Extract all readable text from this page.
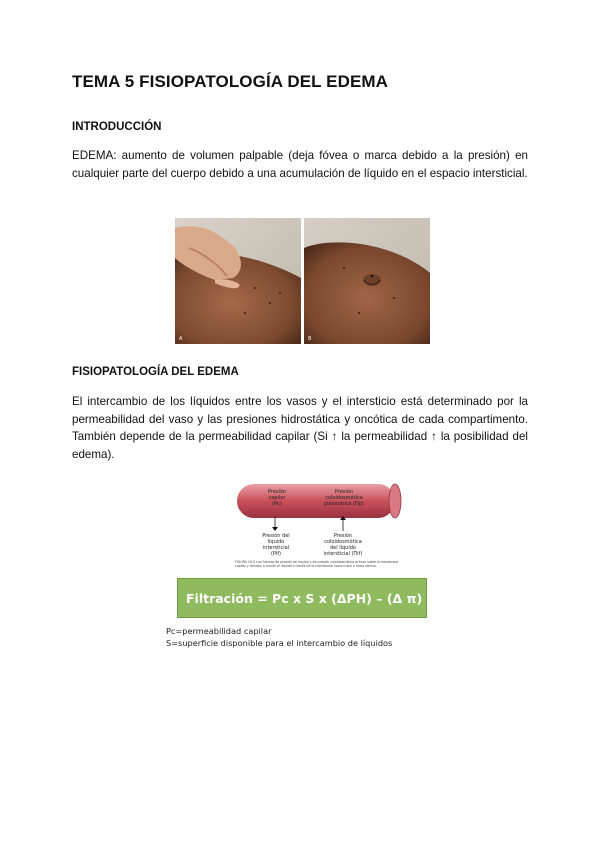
TEMA 5 FISIOPATOLOGÍA DEL EDEMA
INTRODUCCIÓN

EDEMA: aumento de volumen palpable (deja fóvea o marca debido a la presión) en cualquier parte del cuerpo debido a una acumulación de líquido en el espacio intersticial.

A	B
FISIOPATOLOGÍA DEL EDEMA

El intercambio de los líquidos entre los vasos y el intersticio está determinado por la permeabilidad del vaso y las presiones hidrostática y oncótica de cada compartimento. También depende de la permeabilidad capilar (Si ↑ la permeabilidad ↑ la posibilidad del edema).

Presión capilar (Pc)
Presión coloidosmótica plasmática (Πp)
Presión del líquido intersticial (Pif)
Presión coloidosmótica del líquido intersticial (Πif)
FIGURA 16-5 Las fuerzas de presión de líquido y de presión coloidosmótica actúan sobre la membrana capilar y tienden a mover el líquido a través de la membrana hacia fuera o hacia dentro.
Filtración = Pc x S x (ΔPH) – (Δ π)

Pc=permeabilidad capilar

S=superficie disponible para el intercambio de líquidos
